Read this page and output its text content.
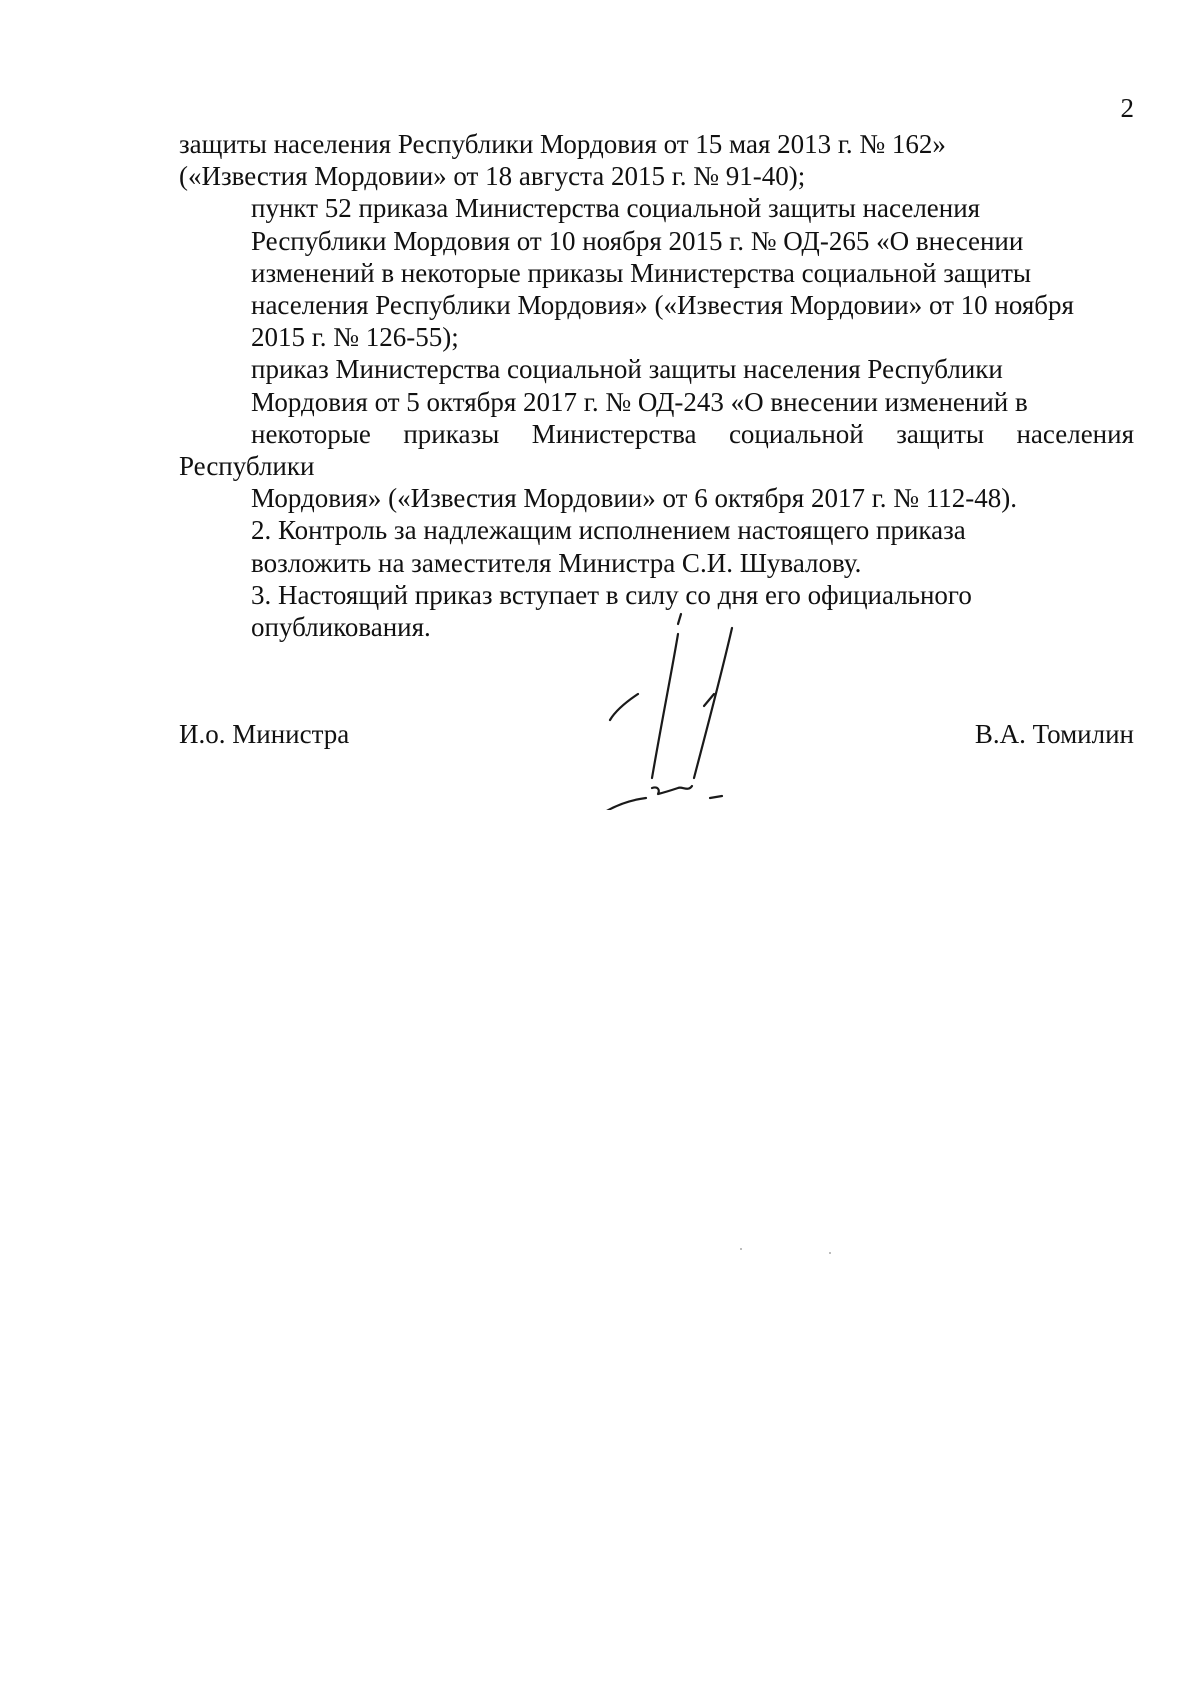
2

защиты населения Республики Мордовия от 15 мая 2013 г. № 162»
(«Известия Мордовии» от 18 августа 2015 г. № 91-40);

пункт 52 приказа Министерства социальной защиты населения
Республики Мордовия от 10 ноября 2015 г. № ОД-265 «О внесении
изменений в некоторые приказы Министерства социальной защиты
населения Республики Мордовия» («Известия Мордовии» от 10 ноября
2015 г. № 126-55);

приказ Министерства социальной защиты населения Республики
Мордовия от 5 октября 2017 г. № ОД-243 «О внесении изменений в
некоторые приказы Министерства социальной защиты населения Республики
Мордовия» («Известия Мордовии» от 6 октября 2017 г. № 112-48).

2. Контроль за надлежащим исполнением настоящего приказа
возложить на заместителя Министра С.И. Шувалову.

3. Настоящий приказ вступает в силу со дня его официального
опубликования.

И.о. Министра	В.А. Томилин
